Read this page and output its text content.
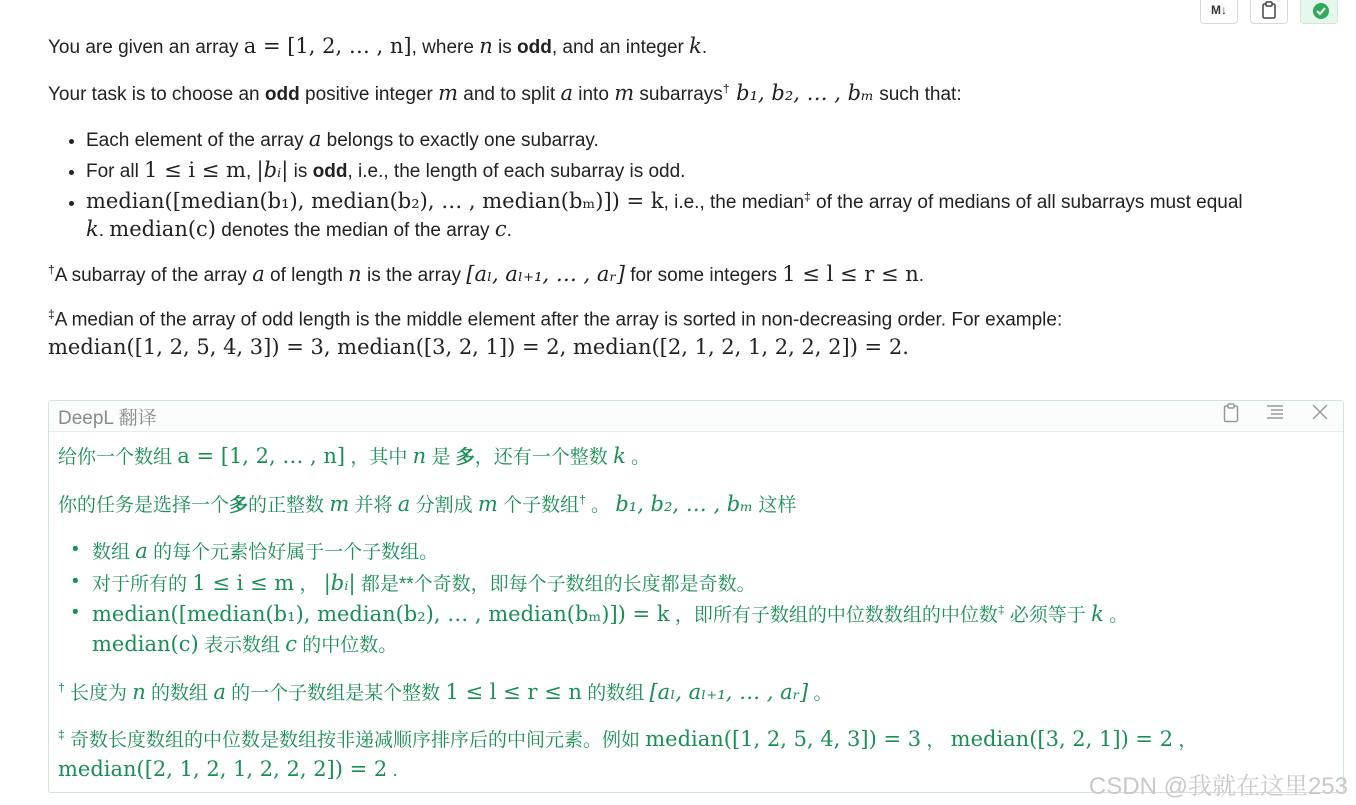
M↓

You are given an array a = [1, 2, … , n], where n is odd, and an integer k.

Your task is to choose an odd positive integer m and to split a into m subarrays† b₁, b₂, … , bₘ such that:

• Each element of the array a belongs to exactly one subarray.
• For all 1 ≤ i ≤ m, |bᵢ| is odd, i.e., the length of each subarray is odd.
• median([median(b₁), median(b₂), … , median(bₘ)]) = k, i.e., the median‡ of the array of medians of all subarrays must equal
k. median(c) denotes the median of the array c.

†A subarray of the array a of length n is the array [aₗ, aₗ₊₁, … , aᵣ] for some integers 1 ≤ l ≤ r ≤ n.

‡A median of the array of odd length is the middle element after the array is sorted in non-decreasing order. For example:
median([1, 2, 5, 4, 3]) = 3, median([3, 2, 1]) = 2, median([2, 1, 2, 1, 2, 2, 2]) = 2.

DeepL 翻译

给你一个数组 a = [1, 2, … , n] ，其中 n 是 多，还有一个整数 k 。

你的任务是选择一个多的正整数 m 并将 a 分割成 m 个子数组† 。 b₁, b₂, … , bₘ 这样

• 数组 a 的每个元素恰好属于一个子数组。
• 对于所有的 1 ≤ i ≤ m ， |bᵢ| 都是**个奇数，即每个子数组的长度都是奇数。
• median([median(b₁), median(b₂), … , median(bₘ)]) = k ，即所有子数组的中位数数组的中位数‡ 必须等于 k 。
median(c) 表示数组 c 的中位数。

† 长度为 n 的数组 a 的一个子数组是某个整数 1 ≤ l ≤ r ≤ n 的数组 [aₗ, aₗ₊₁, … , aᵣ] 。

‡ 奇数长度数组的中位数是数组按非递减顺序排序后的中间元素。例如 median([1, 2, 5, 4, 3]) = 3 ， median([3, 2, 1]) = 2 ，
median([2, 1, 2, 1, 2, 2, 2]) = 2 .

CSDN @我就在这里253
